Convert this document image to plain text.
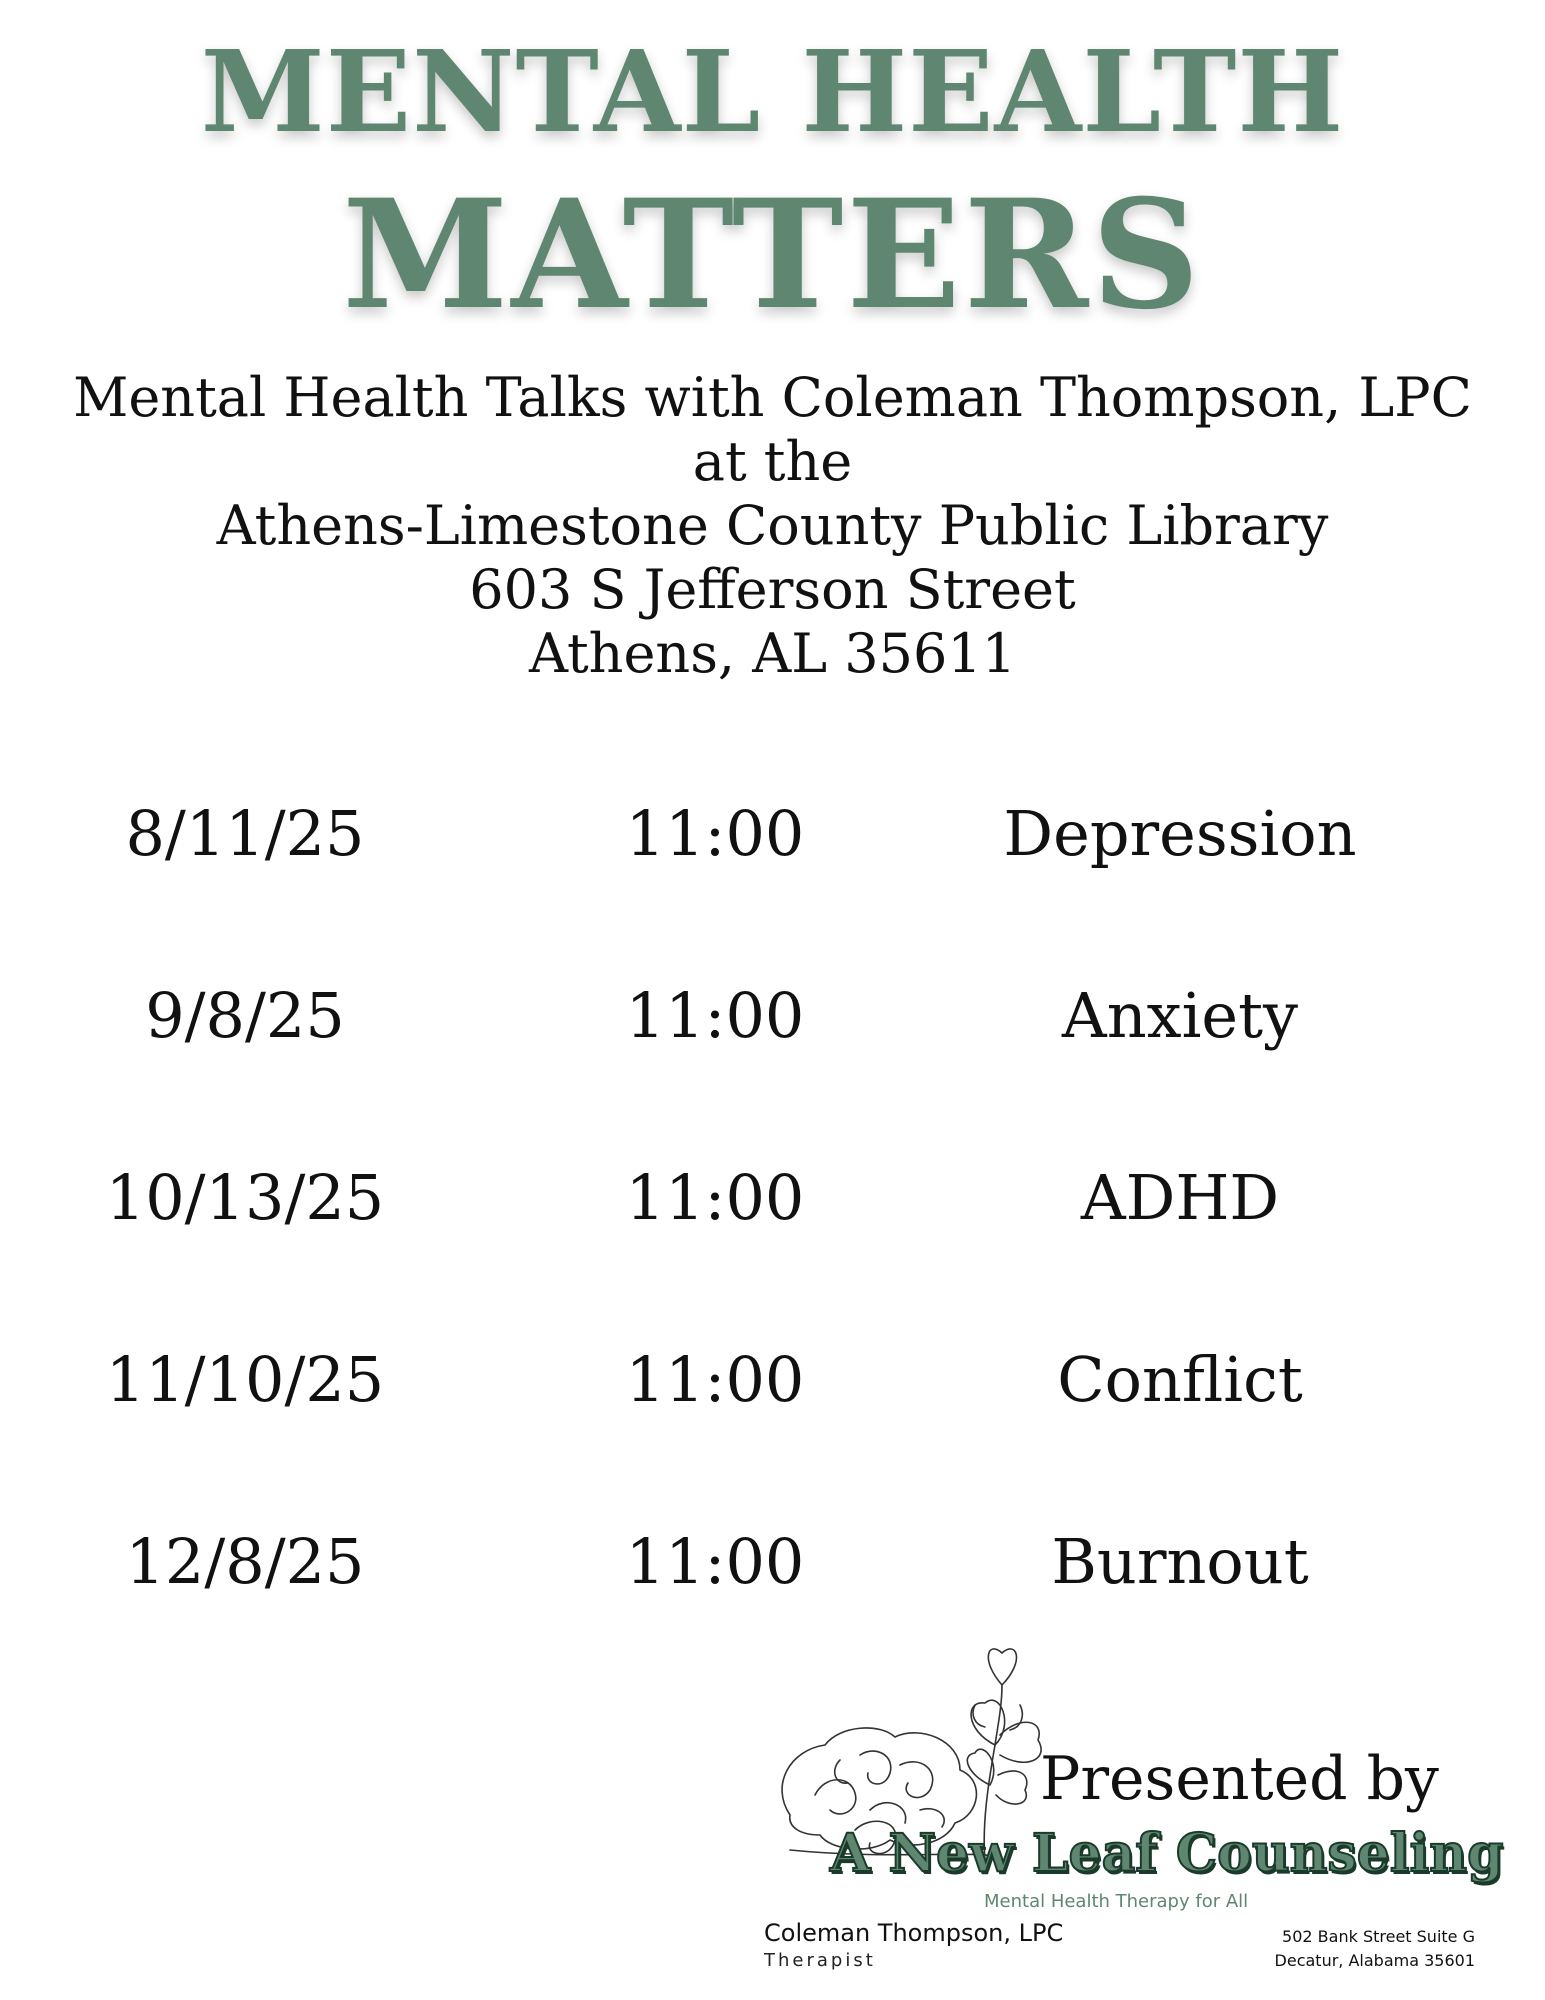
MENTAL HEALTH
MATTERS
Mental Health Talks with Coleman Thompson, LPC
at the
Athens-Limestone County Public Library
603 S Jefferson Street
Athens, AL 35611
8/11/25	11:00	Depression
9/8/25	11:00	Anxiety
10/13/25	11:00	ADHD
11/10/25	11:00	Conflict
12/8/25	11:00	Burnout
Presented by
A New Leaf Counseling
Mental Health Therapy for All
Coleman Thompson, LPC
Therapist
502 Bank Street Suite G
Decatur, Alabama 35601
